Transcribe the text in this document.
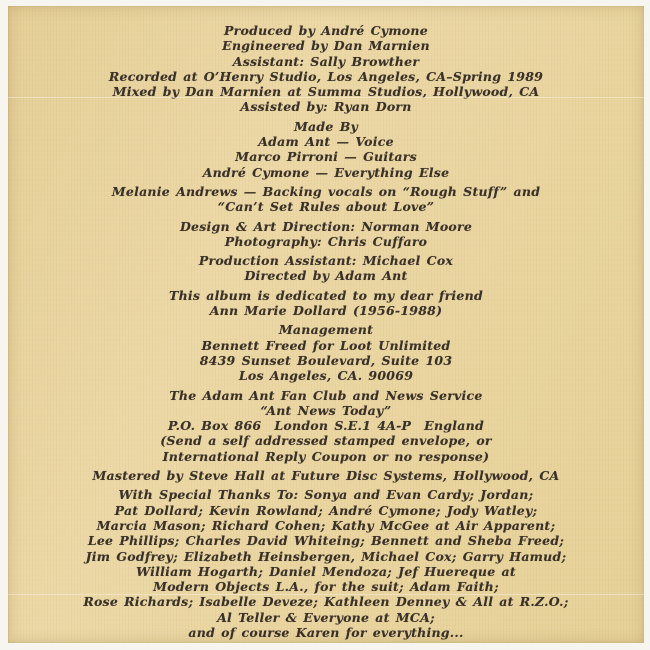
Produced by André Cymone

Engineered by Dan Marnien

Assistant: Sally Browther

Recorded at O’Henry Studio, Los Angeles, CA–Spring 1989

Mixed by Dan Marnien at Summa Studios, Hollywood, CA

Assisted by: Ryan Dorn

Made By

Adam Ant — Voice

Marco Pirroni — Guitars

André Cymone — Everything Else

Melanie Andrews — Backing vocals on “Rough Stuff” and

“Can’t Set Rules about Love”

Design & Art Direction: Norman Moore

Photography: Chris Cuffaro

Production Assistant: Michael Cox

Directed by Adam Ant

This album is dedicated to my dear friend

Ann Marie Dollard (1956-1988)

Management

Bennett Freed for Loot Unlimited

8439 Sunset Boulevard, Suite 103

Los Angeles, CA. 90069

The Adam Ant Fan Club and News Service

“Ant News Today”

P.O. Box 866  London S.E.1 4A-P  England

(Send a self addressed stamped envelope, or

International Reply Coupon or no response)

Mastered by Steve Hall at Future Disc Systems, Hollywood, CA

With Special Thanks To: Sonya and Evan Cardy; Jordan;

Pat Dollard; Kevin Rowland; André Cymone; Jody Watley;

Marcia Mason; Richard Cohen; Kathy McGee at Air Apparent;

Lee Phillips; Charles David Whiteing; Bennett and Sheba Freed;

Jim Godfrey; Elizabeth Heinsbergen, Michael Cox; Garry Hamud;

William Hogarth; Daniel Mendoza; Jef Huereque at

Modern Objects L.A., for the suit; Adam Faith;

Rose Richards; Isabelle Deveze; Kathleen Denney & All at R.Z.O.;

Al Teller & Everyone at MCA;

and of course Karen for everything...
